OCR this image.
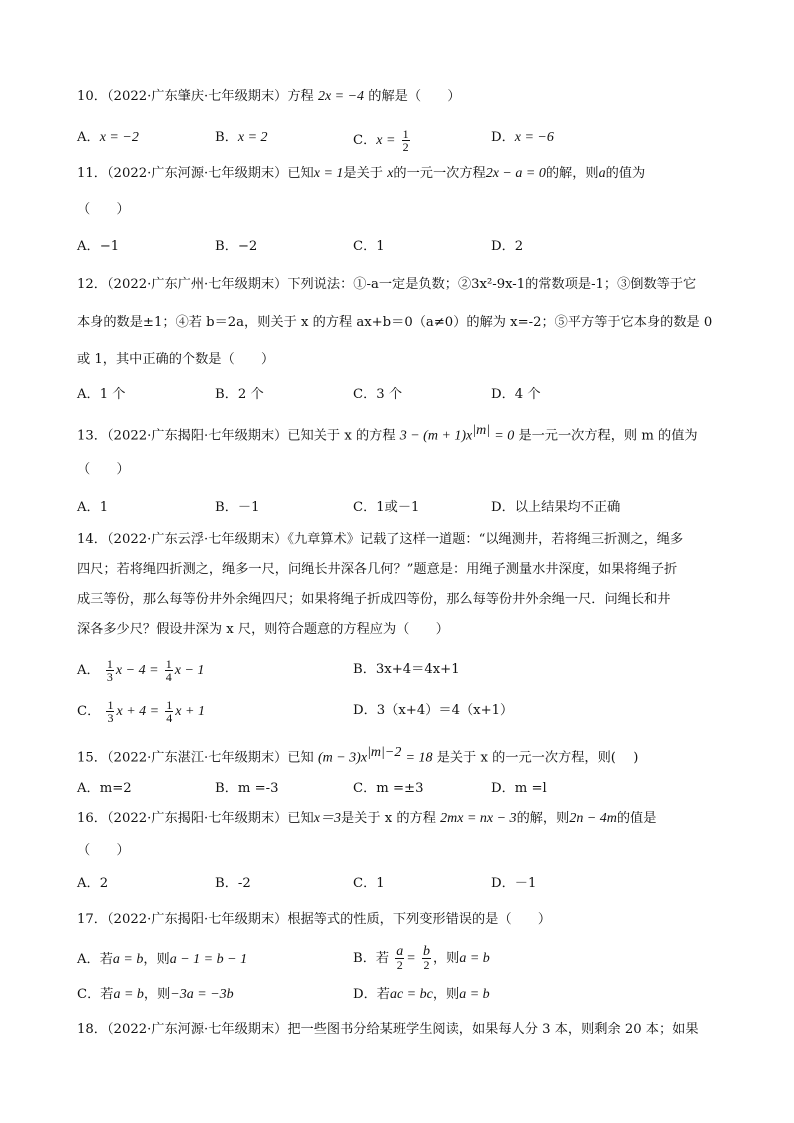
10．（2022·广东肇庆·七年级期末）方程 2x = −4 的解是（　　）
A．x = −2	B．x = 2	C．$x = \frac{1}{2}$	D．x = −6
11．（2022·广东河源·七年级期末）已知x = 1是关于 x的一元一次方程2x − a = 0的解，则a的值为
（　　）
A．−1	B．−2	C．1	D．2
12．（2022·广东广州·七年级期末）下列说法：①-a一定是负数；②3x²-9x-1的常数项是-1；③倒数等于它
本身的数是±1；④若 b＝2a，则关于 x 的方程 ax+b＝0（a≠0）的解为 x=-2；⑤平方等于它本身的数是 0
或 1，其中正确的个数是（　　）
A．1 个	B．2 个	C．3 个	D．4 个
13．（2022·广东揭阳·七年级期末）已知关于 x 的方程 $3 - (m + 1)x^{|m|} = 0$ 是一元一次方程，则 m 的值为
（　　）
A．1	B．－1	C．1或－1	D．以上结果均不正确
14．（2022·广东云浮·七年级期末）《九章算术》记载了这样一道题：“以绳测井，若将绳三折测之，绳多
四尺；若将绳四折测之，绳多一尺，问绳长井深各几何？”题意是：用绳子测量水井深度，如果将绳子折
成三等份，那么每等份井外余绳四尺；如果将绳子折成四等份，那么每等份井外余绳一尺．问绳长和井
深各多少尺？假设井深为 x 尺，则符合题意的方程应为（　　）
A． $\frac{1}{3}$ $x - 4 = \frac{1}{4}$ x − 1	B．3x+4＝4x+1
C． $\frac{1}{3}$ $x + 4 = \frac{1}{4}$ x + 1	D．3（x+4）＝4（x+1）
15．（2022·广东湛江·七年级期末）已知 $(m - 3)x^{|m|-2} = 18$ 是关于 x 的一元一次方程，则(　 )
A．m=2	B．m =-3	C．m =±3	D．m =l
16．（2022·广东揭阳·七年级期末）已知x＝3是关于 x 的方程 2mx = nx − 3的解，则2n − 4m的值是
（　　）
A．2	B．-2	C．1	D．－1
17．（2022·广东揭阳·七年级期末）根据等式的性质，下列变形错误的是（　　）
A．若a = b，则a − 1 = b − 1	B．若 $\frac{a}{2} = \frac{b}{2}$ ，则a = b
C．若a = b，则−3a = −3b	D．若ac = bc，则a = b
18．（2022·广东河源·七年级期末）把一些图书分给某班学生阅读，如果每人分 3 本，则剩余 20 本；如果
